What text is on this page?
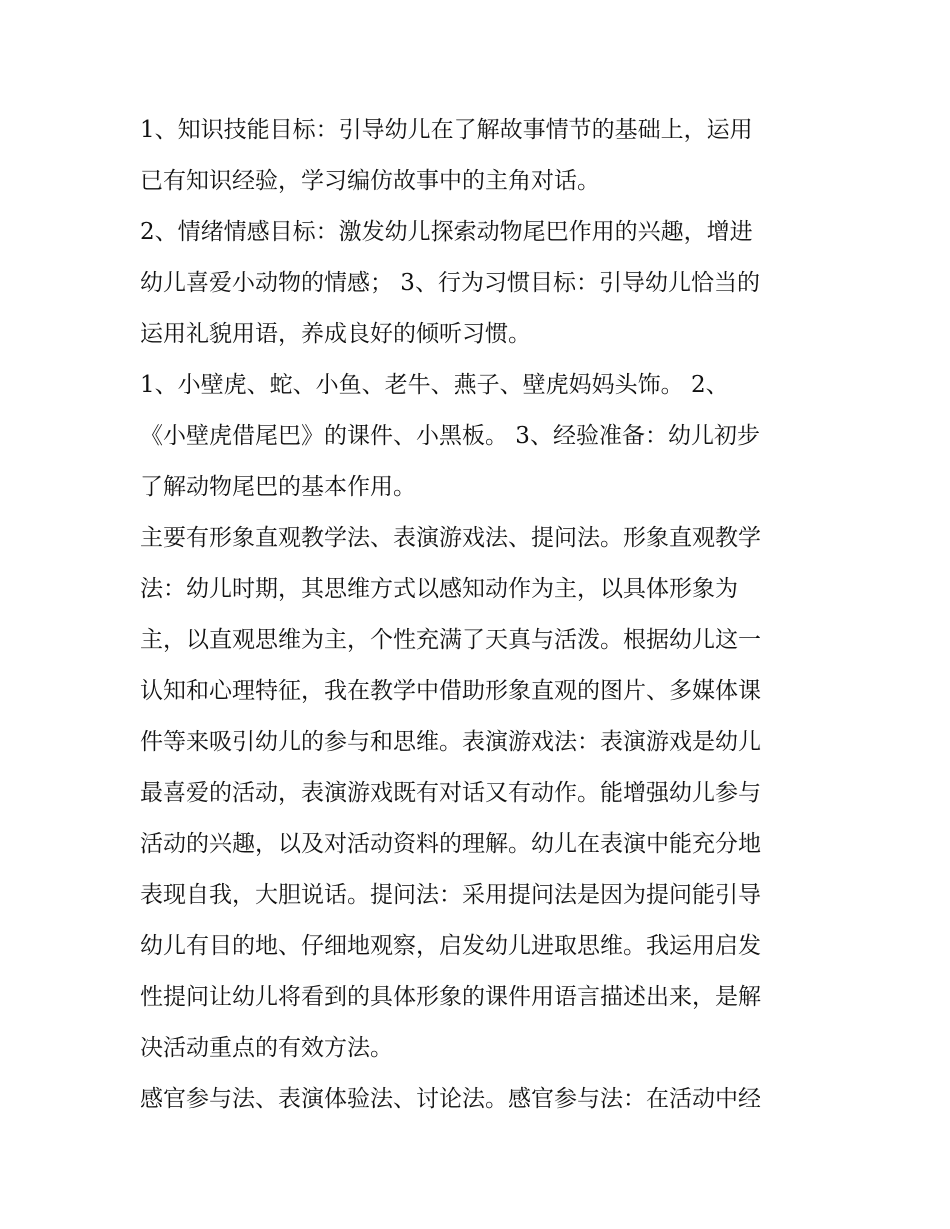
1、知识技能目标：引导幼儿在了解故事情节的基础上，运用
已有知识经验，学习编仿故事中的主角对话。
2、情绪情感目标：激发幼儿探索动物尾巴作用的兴趣，增进
幼儿喜爱小动物的情感； 3、行为习惯目标：引导幼儿恰当的
运用礼貌用语，养成良好的倾听习惯。
1、小壁虎、蛇、小鱼、老牛、燕子、壁虎妈妈头饰。 2、
《小壁虎借尾巴》的课件、小黑板。 3、经验准备：幼儿初步
了解动物尾巴的基本作用。
主要有形象直观教学法、表演游戏法、提问法。形象直观教学
法：幼儿时期，其思维方式以感知动作为主，以具体形象为
主，以直观思维为主，个性充满了天真与活泼。根据幼儿这一
认知和心理特征，我在教学中借助形象直观的图片、多媒体课
件等来吸引幼儿的参与和思维。表演游戏法：表演游戏是幼儿
最喜爱的活动，表演游戏既有对话又有动作。能增强幼儿参与
活动的兴趣，以及对活动资料的理解。幼儿在表演中能充分地
表现自我，大胆说话。提问法：采用提问法是因为提问能引导
幼儿有目的地、仔细地观察，启发幼儿进取思维。我运用启发
性提问让幼儿将看到的具体形象的课件用语言描述出来，是解
决活动重点的有效方法。
感官参与法、表演体验法、讨论法。感官参与法：在活动中经
